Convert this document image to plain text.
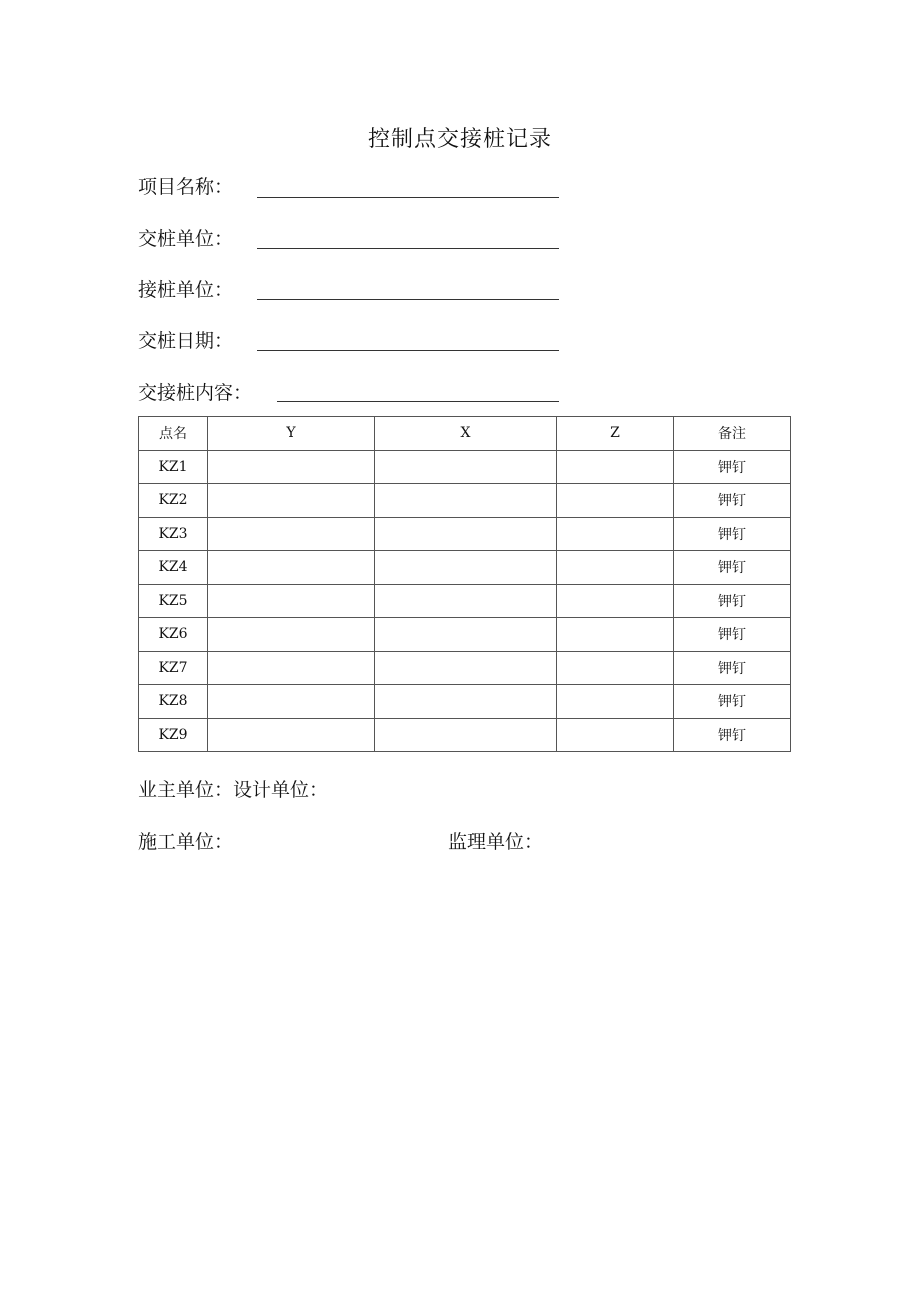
控制点交接桩记录
项目名称：
交桩单位：
接桩单位：
交桩日期：
交接桩内容：
点名	Y	X	Z	备注
KZ1				钾钉
KZ2				钾钉
KZ3				钾钉
KZ4				钾钉
KZ5				钾钉
KZ6				钾钉
KZ7				钾钉
KZ8				钾钉
KZ9				钾钉
业主单位：设计单位：
施工单位：	监理单位：
